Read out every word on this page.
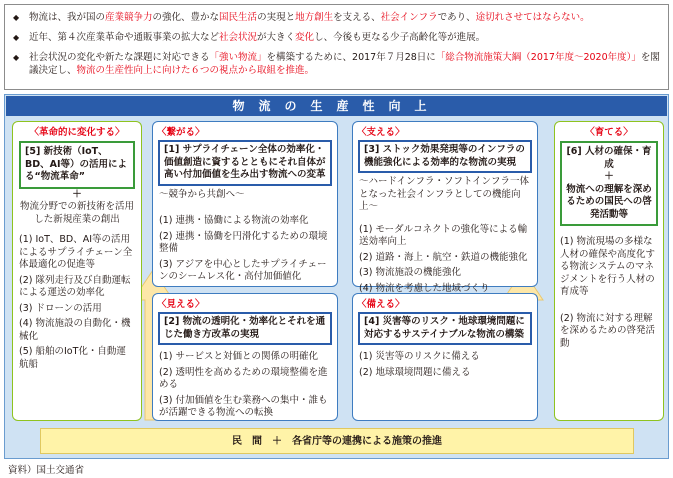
◆	物流は、我が国の産業競争力の強化、豊かな国民生活の実現と地方創生を支える、社会インフラであり、途切れさせてはならない。
◆	近年、第４次産業革命や通販事業の拡大など社会状況が大きく変化し、今後も更なる少子高齢化等が進展。
◆	社会状況の変化や新たな課題に対応できる「強い物流」を構築するために、2017年７月28日に「総合物流施策大綱（2017年度〜2020年度）」を閣議決定し、物流の生産性向上に向けた６つの視点から取組を推進。
物流の生産性向上
〈革命的に変化する〉
[5] 新技術（IoT、BD、AI等）の活用による“物流革命”
＋
物流分野での新技術を活用した新規産業の創出
(1) IoT、BD、AI等の活用によるサプライチェーン全体最適化の促進等
(2) 隊列走行及び自動運転による運送の効率化
(3) ドローンの活用
(4) 物流施設の自動化・機械化
(5) 船舶のIoT化・自動運航船
〈繋がる〉
[1] サプライチェーン全体の効率化・価値創造に資するとともにそれ自体が高い付加価値を生み出す物流への変革
〜競争から共創へ〜
(1) 連携・協働による物流の効率化
(2) 連携・協働を円滑化するための環境整備
(3) アジアを中心としたサプライチェーンのシームレス化・高付加価値化
〈支える〉
[3] ストック効果発現等のインフラの機能強化による効率的な物流の実現
〜ハードインフラ・ソフトインフラ一体となった社会インフラとしての機能向上〜
(1) モーダルコネクトの強化等による輸送効率向上
(2) 道路・海上・航空・鉄道の機能強化
(3) 物流施設の機能強化
(4) 物流を考慮した地域づくり
〈見える〉
[2] 物流の透明化・効率化とそれを通じた働き方改革の実現
(1) サービスと対価との関係の明確化
(2) 透明性を高めるための環境整備を進める
(3) 付加価値を生む業務への集中・誰もが活躍できる物流への転換
〈備える〉
[4] 災害等のリスク・地球環境問題に対応するサステイナブルな物流の構築
(1) 災害等のリスクに備える
(2) 地球環境問題に備える
〈育てる〉
[6] 人材の確保・育成
＋
物流への理解を深めるための国民への啓発活動等
(1) 物流現場の多様な人材の確保や高度化する物流システムのマネジメントを行う人材の育成等
(2) 物流に対する理解を深めるための啓発活動
民　間　＋　各省庁等の連携による施策の推進
資料）国土交通省
